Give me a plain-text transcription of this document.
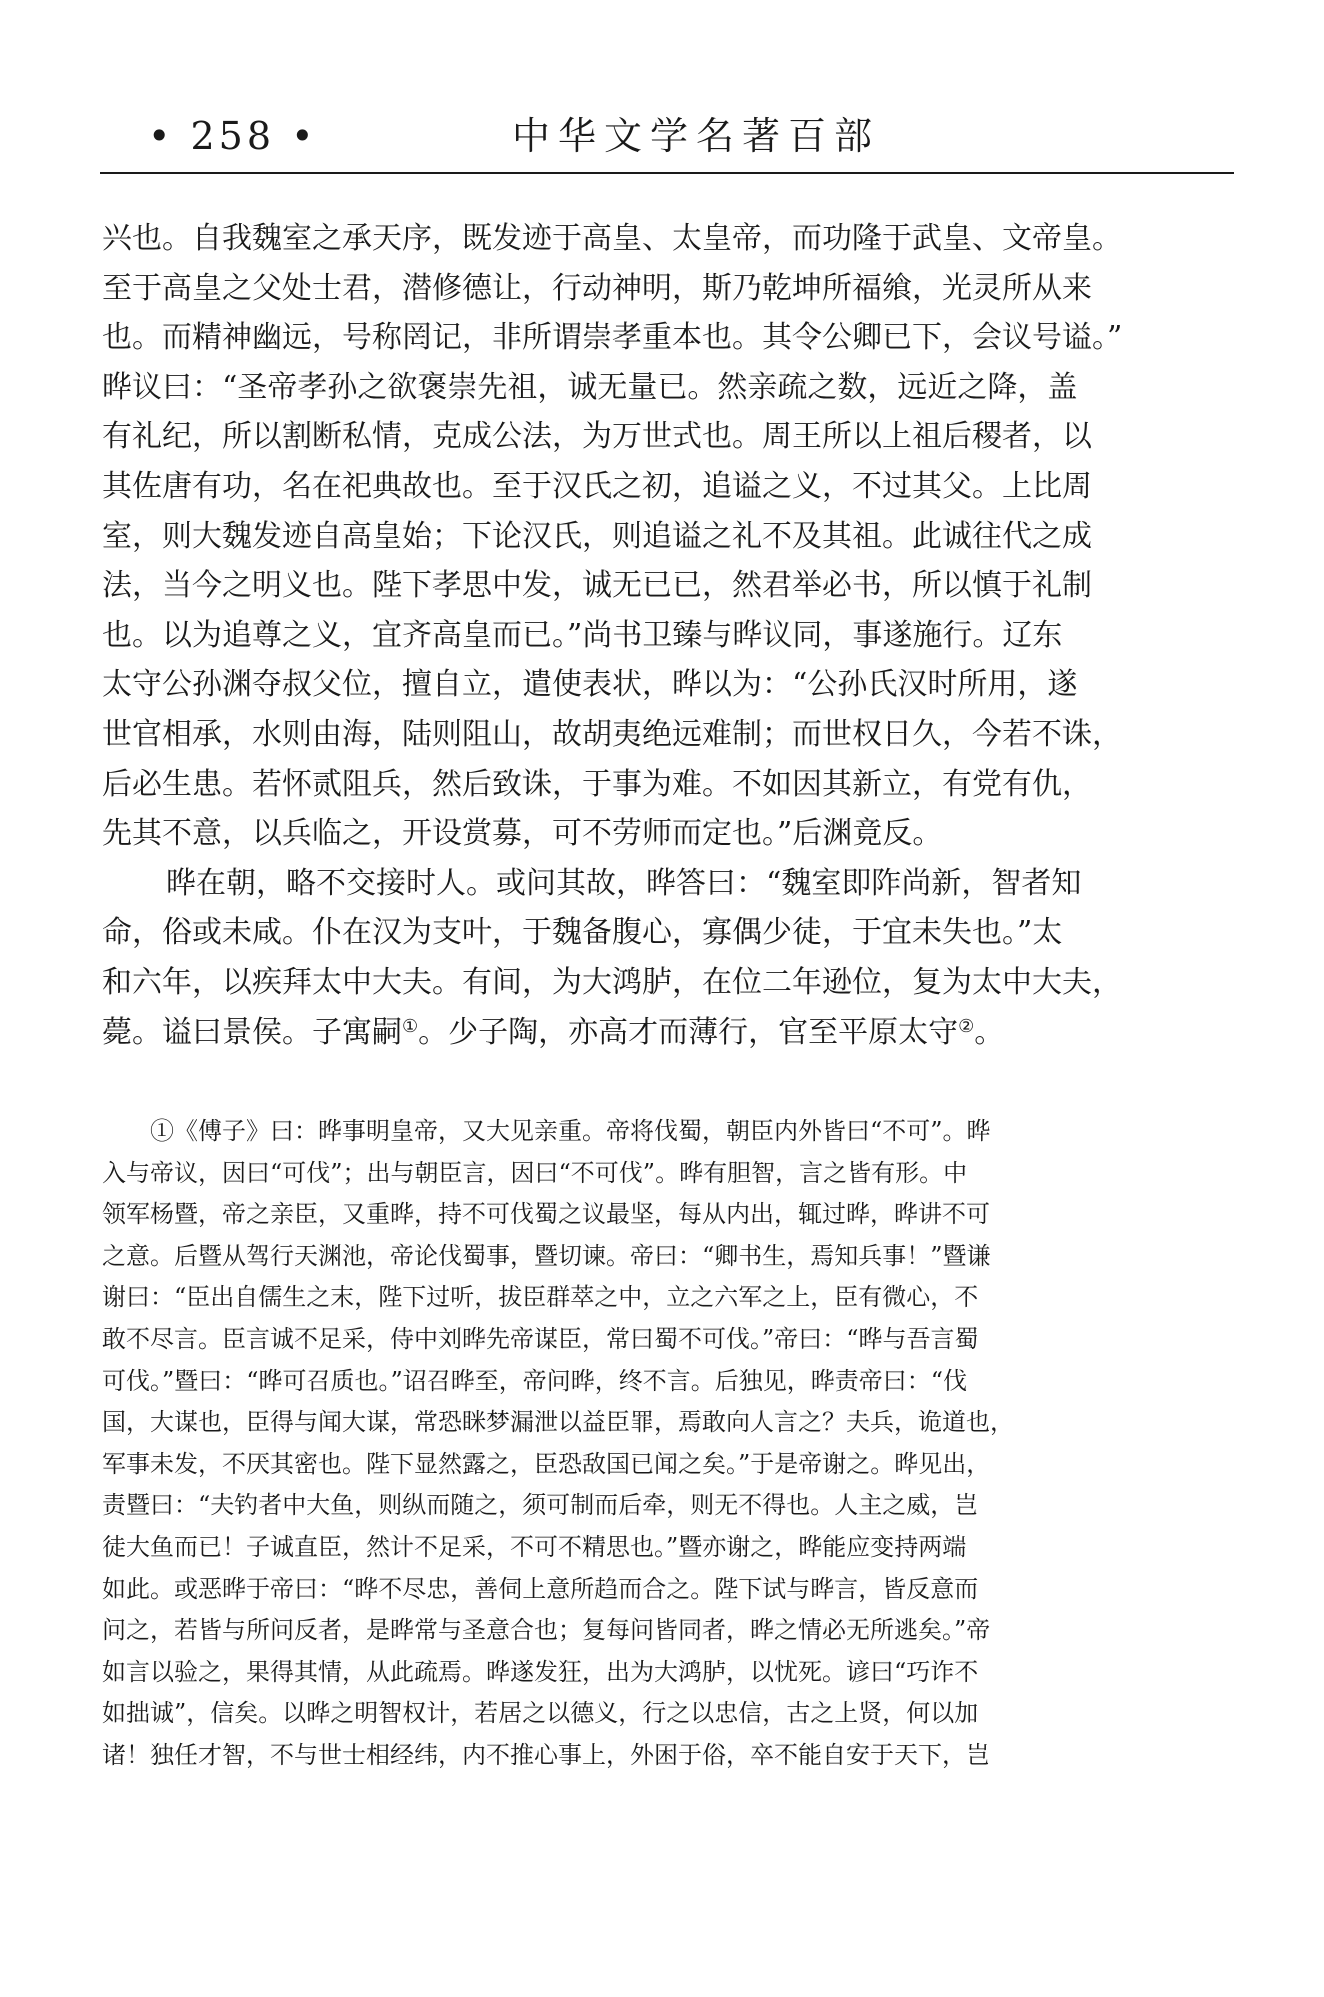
• 258 •	中华文学名著百部
兴也。自我魏室之承天序，既发迹于高皇、太皇帝，而功隆于武皇、文帝皇。
至于高皇之父处士君，潜修德让，行动神明，斯乃乾坤所福飨，光灵所从来
也。而精神幽远，号称罔记，非所谓崇孝重本也。其令公卿已下，会议号谥。”
晔议曰：“圣帝孝孙之欲褒崇先祖，诚无量已。然亲疏之数，远近之降，盖
有礼纪，所以割断私情，克成公法，为万世式也。周王所以上祖后稷者，以
其佐唐有功，名在祀典故也。至于汉氏之初，追谥之义，不过其父。上比周
室，则大魏发迹自高皇始；下论汉氏，则追谥之礼不及其祖。此诚往代之成
法，当今之明义也。陛下孝思中发，诚无已已，然君举必书，所以慎于礼制
也。以为追尊之义，宜齐高皇而已。”尚书卫臻与晔议同，事遂施行。辽东
太守公孙渊夺叔父位，擅自立，遣使表状，晔以为：“公孙氏汉时所用，遂
世官相承，水则由海，陆则阻山，故胡夷绝远难制；而世权日久，今若不诛，
后必生患。若怀贰阻兵，然后致诛，于事为难。不如因其新立，有党有仇，
先其不意，以兵临之，开设赏募，可不劳师而定也。”后渊竟反。
晔在朝，略不交接时人。或问其故，晔答曰：“魏室即阼尚新，智者知
命，俗或未咸。仆在汉为支叶，于魏备腹心，寡偶少徒，于宜未失也。”太
和六年，以疾拜太中大夫。有间，为大鸿胪，在位二年逊位，复为太中大夫，
薨。谥曰景侯。子寓嗣①。少子陶，亦高才而薄行，官至平原太守②。
①《傅子》曰：晔事明皇帝，又大见亲重。帝将伐蜀，朝臣内外皆曰“不可”。晔
入与帝议，因曰“可伐”；出与朝臣言，因曰“不可伐”。晔有胆智，言之皆有形。中
领军杨暨，帝之亲臣，又重晔，持不可伐蜀之议最坚，每从内出，辄过晔，晔讲不可
之意。后暨从驾行天渊池，帝论伐蜀事，暨切谏。帝曰：“卿书生，焉知兵事！”暨谦
谢曰：“臣出自儒生之末，陛下过听，拔臣群萃之中，立之六军之上，臣有微心，不
敢不尽言。臣言诚不足采，侍中刘晔先帝谋臣，常曰蜀不可伐。”帝曰：“晔与吾言蜀
可伐。”暨曰：“晔可召质也。”诏召晔至，帝问晔，终不言。后独见，晔责帝曰：“伐
国，大谋也，臣得与闻大谋，常恐眯梦漏泄以益臣罪，焉敢向人言之？夫兵，诡道也，
军事未发，不厌其密也。陛下显然露之，臣恐敌国已闻之矣。”于是帝谢之。晔见出，
责暨曰：“夫钓者中大鱼，则纵而随之，须可制而后牵，则无不得也。人主之威，岂
徒大鱼而已！子诚直臣，然计不足采，不可不精思也。”暨亦谢之，晔能应变持两端
如此。或恶晔于帝曰：“晔不尽忠，善伺上意所趋而合之。陛下试与晔言，皆反意而
问之，若皆与所问反者，是晔常与圣意合也；复每问皆同者，晔之情必无所逃矣。”帝
如言以验之，果得其情，从此疏焉。晔遂发狂，出为大鸿胪，以忧死。谚曰“巧诈不
如拙诚”，信矣。以晔之明智权计，若居之以德义，行之以忠信，古之上贤，何以加
诸！独任才智，不与世士相经纬，内不推心事上，外困于俗，卒不能自安于天下，岂
